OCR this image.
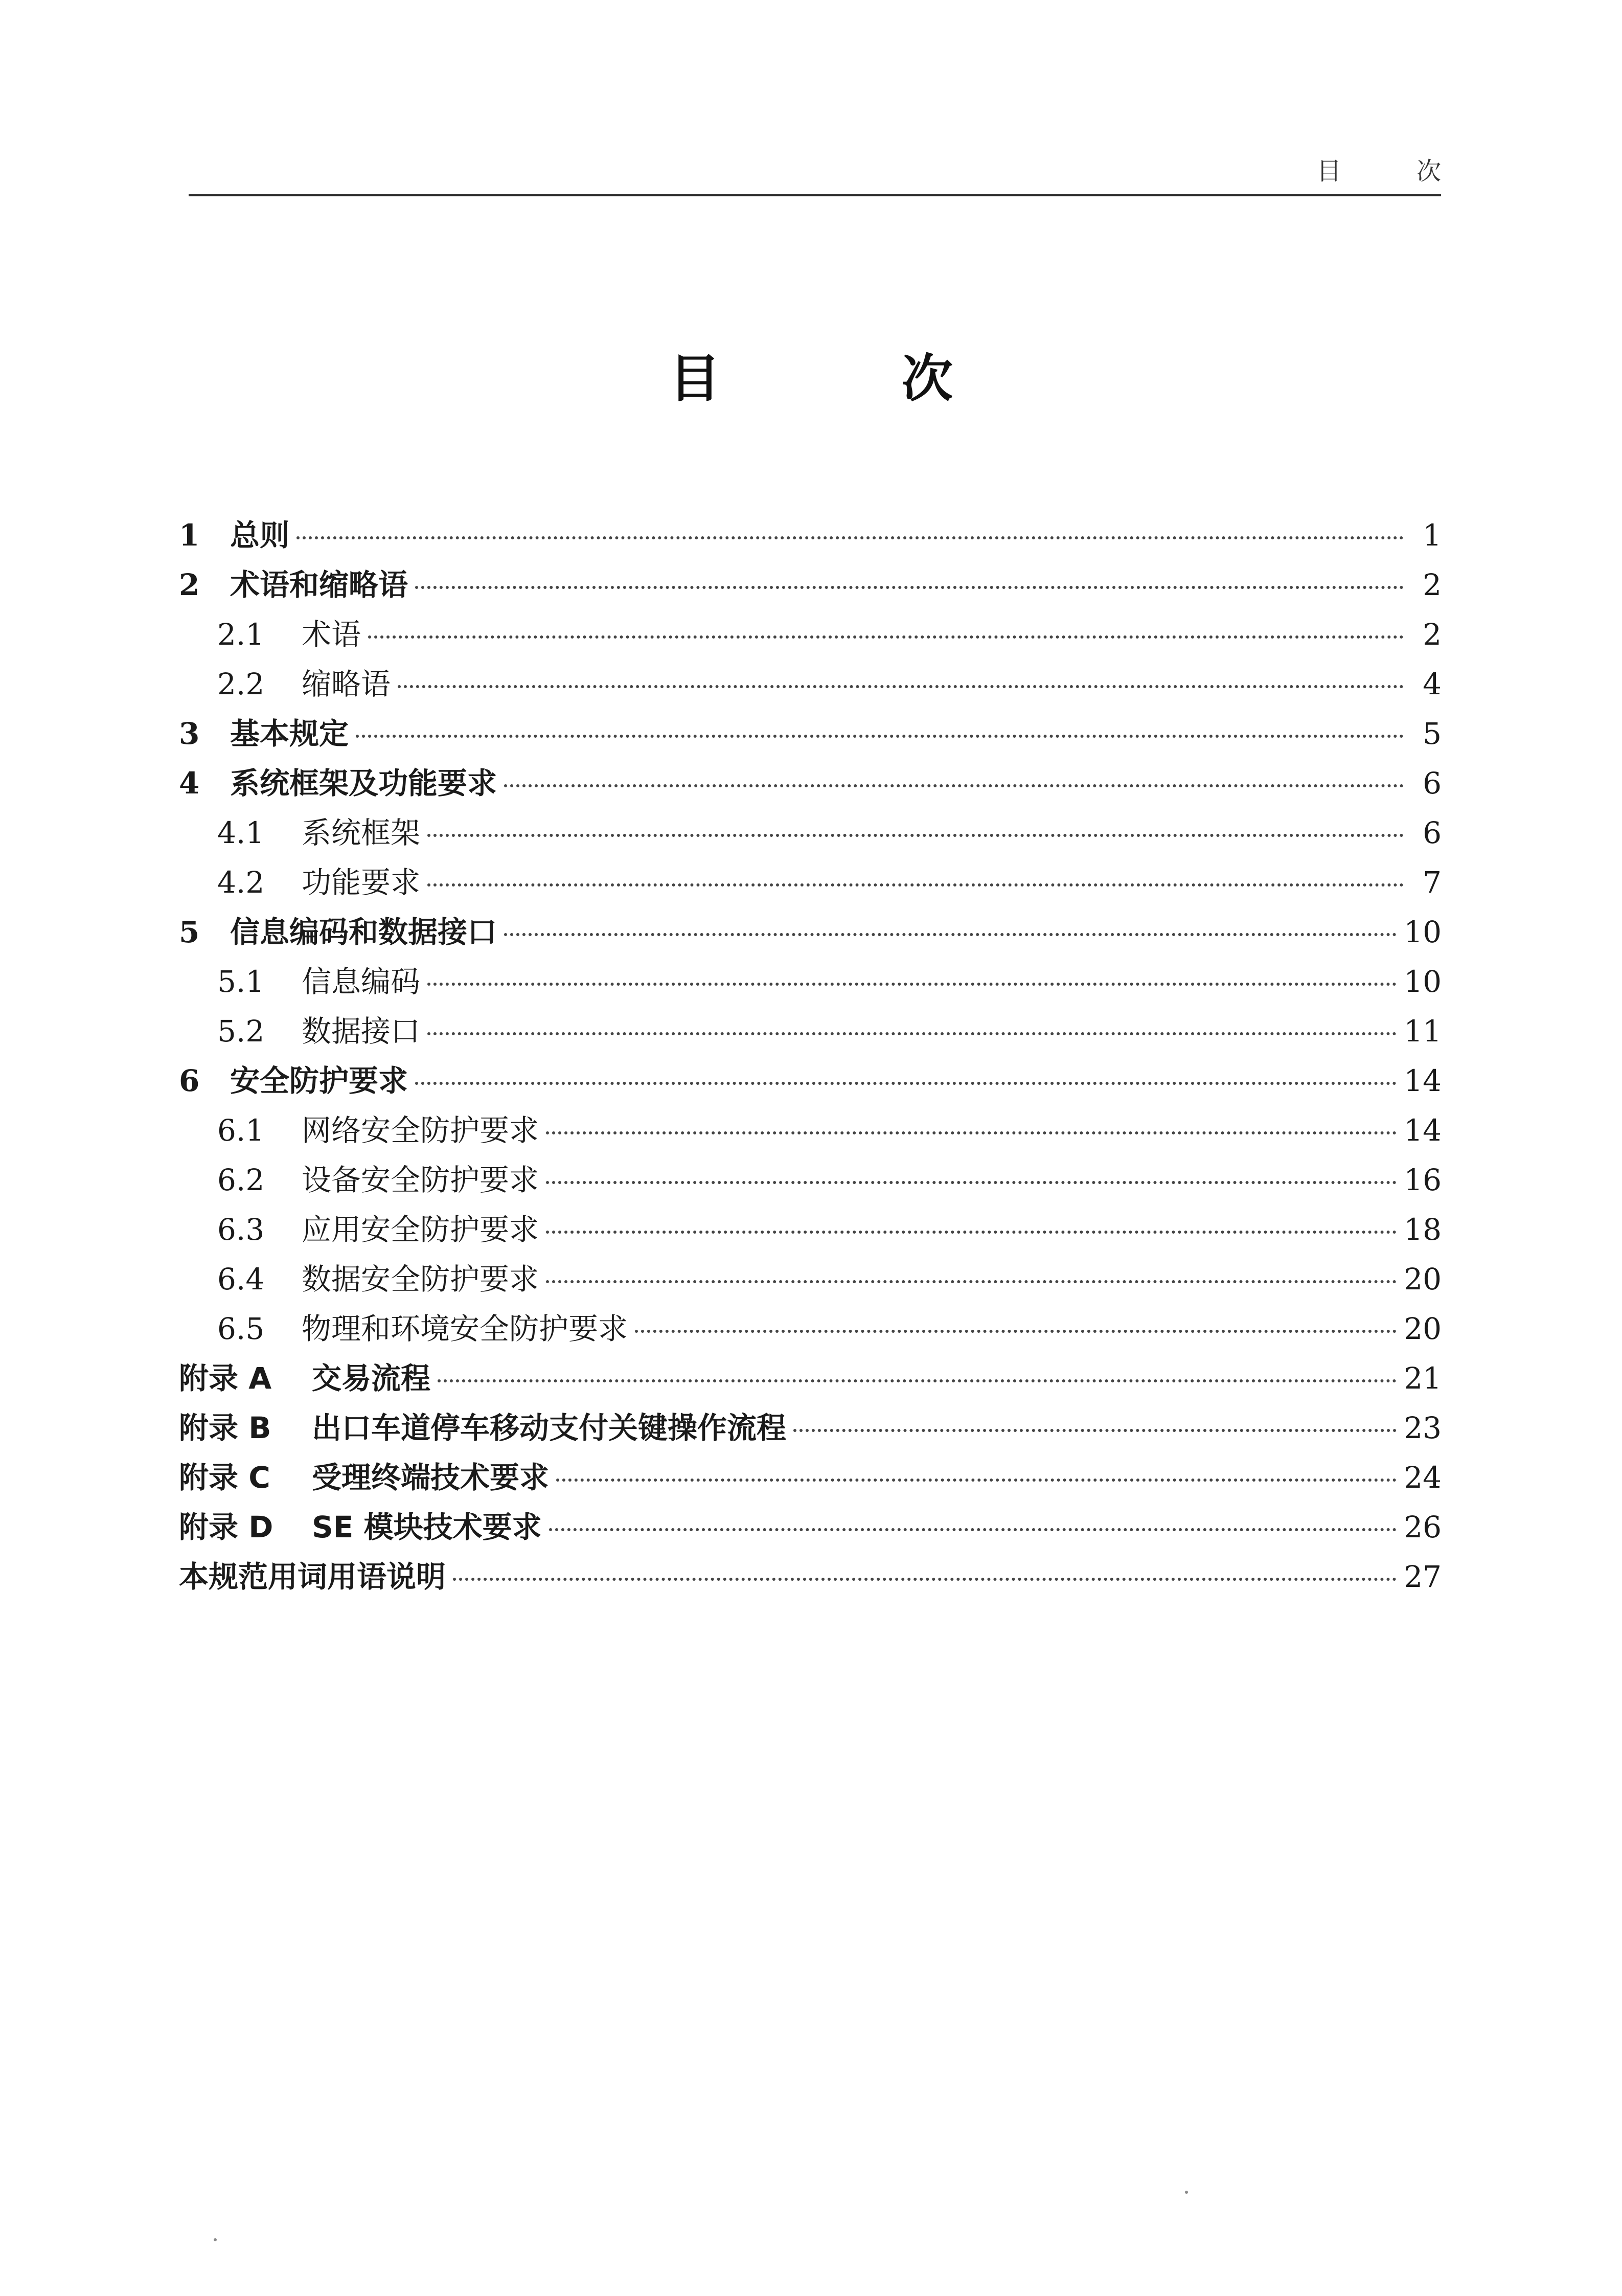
目 次
目 次
1	总则	1
2	术语和缩略语	2
2.1	术语	2
2.2	缩略语	4
3	基本规定	5
4	系统框架及功能要求	6
4.1	系统框架	6
4.2	功能要求	7
5	信息编码和数据接口	10
5.1	信息编码	10
5.2	数据接口	11
6	安全防护要求	14
6.1	网络安全防护要求	14
6.2	设备安全防护要求	16
6.3	应用安全防护要求	18
6.4	数据安全防护要求	20
6.5	物理和环境安全防护要求	20
附录 A	交易流程	21
附录 B	出口车道停车移动支付关键操作流程	23
附录 C	受理终端技术要求	24
附录 D	SE 模块技术要求	26
本规范用词用语说明	27
